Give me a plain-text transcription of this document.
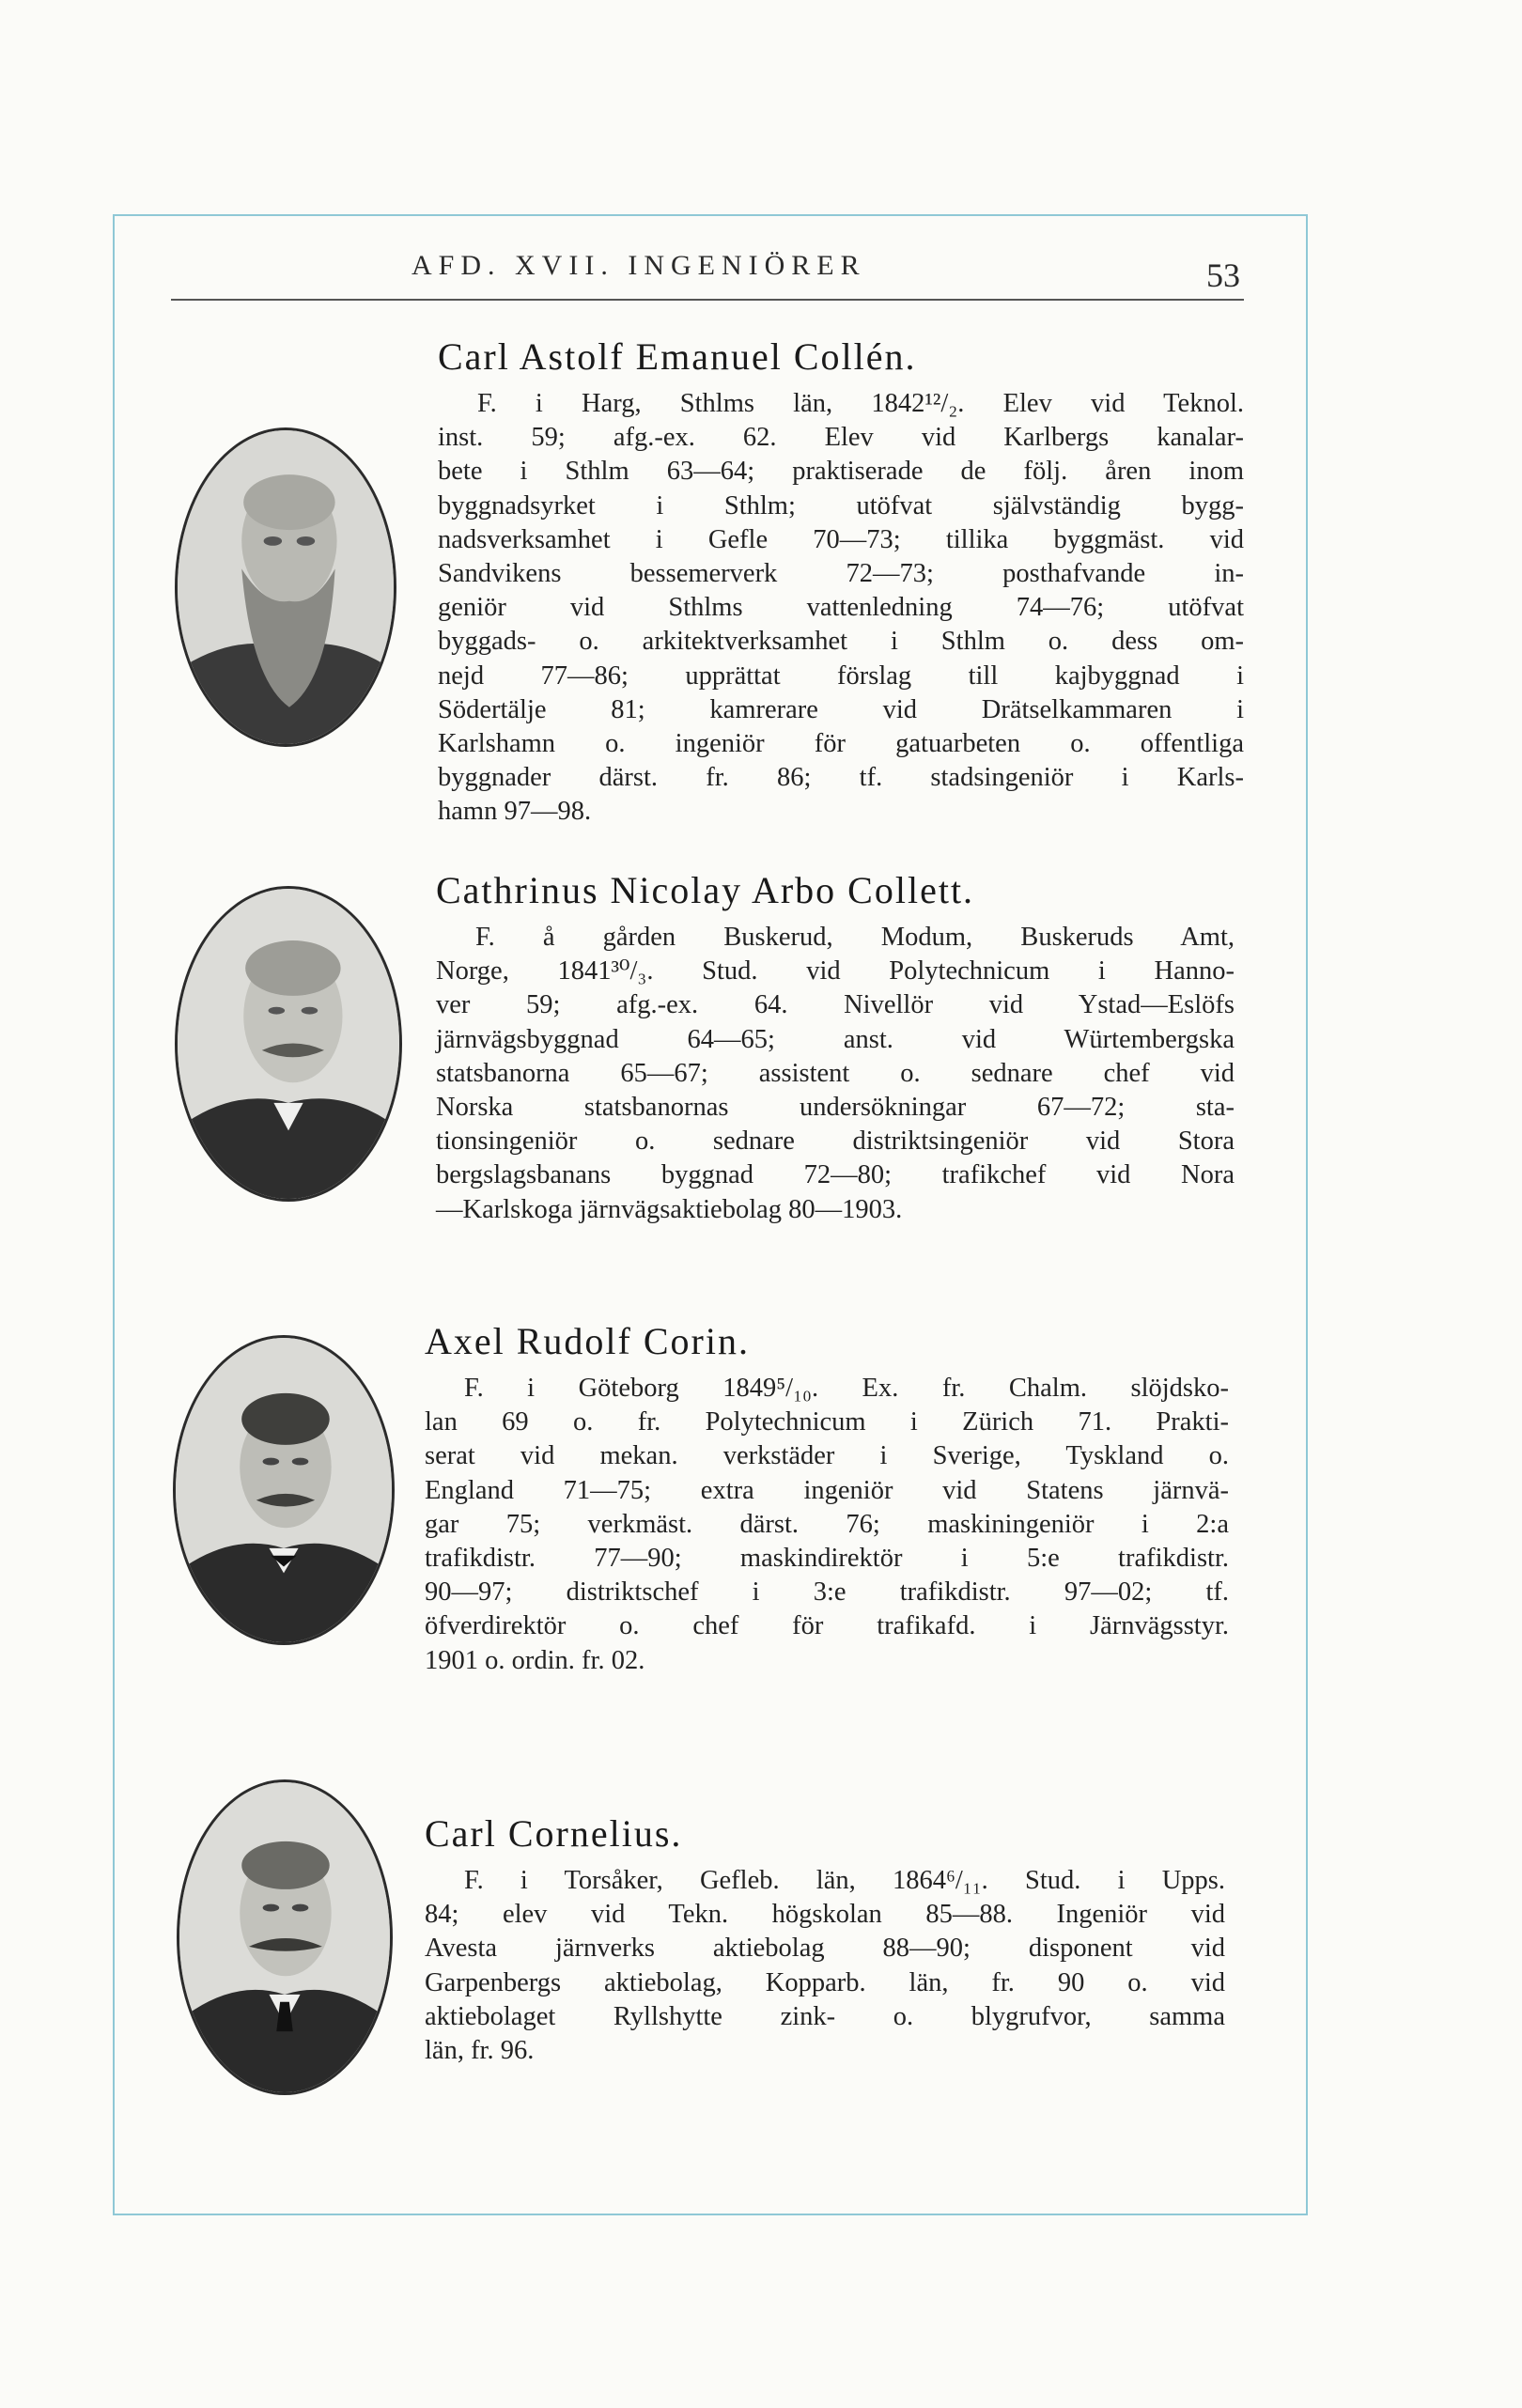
AFD. XVII. INGENIÖRER	53
Carl Astolf Emanuel Collén.
F. i Harg, Sthlms län, 1842¹²/₂. Elev vid Teknol.
inst. 59; afg.-ex. 62. Elev vid Karlbergs kanalar-
bete i Sthlm 63—64; praktiserade de följ. åren inom
byggnadsyrket i Sthlm; utöfvat självständig bygg-
nadsverksamhet i Gefle 70—73; tillika byggmäst. vid
Sandvikens bessemerverk 72—73; posthafvande in-
geniör vid Sthlms vattenledning 74—76; utöfvat
byggads- o. arkitektverksamhet i Sthlm o. dess om-
nejd 77—86; upprättat förslag till kajbyggnad i
Södertälje 81; kamrerare vid Drätselkammaren i
Karlshamn o. ingeniör för gatuarbeten o. offentliga
byggnader därst. fr. 86; tf. stadsingeniör i Karls-
hamn 97—98.
Cathrinus Nicolay Arbo Collett.
F. å gården Buskerud, Modum, Buskeruds Amt,
Norge, 1841³⁰/₃. Stud. vid Polytechnicum i Hanno-
ver 59; afg.-ex. 64. Nivellör vid Ystad—Eslöfs
järnvägsbyggnad 64—65; anst. vid Würtembergska
statsbanorna 65—67; assistent o. sednare chef vid
Norska statsbanornas undersökningar 67—72; sta-
tionsingeniör o. sednare distriktsingeniör vid Stora
bergslagsbanans byggnad 72—80; trafikchef vid Nora
—Karlskoga järnvägsaktiebolag 80—1903.
Axel Rudolf Corin.
F. i Göteborg 1849⁵/₁₀. Ex. fr. Chalm. slöjdsko-
lan 69 o. fr. Polytechnicum i Zürich 71. Prakti-
serat vid mekan. verkstäder i Sverige, Tyskland o.
England 71—75; extra ingeniör vid Statens järnvä-
gar 75; verkmäst. därst. 76; maskiningeniör i 2:a
trafikdistr. 77—90; maskindirektör i 5:e trafikdistr.
90—97; distriktschef i 3:e trafikdistr. 97—02; tf.
öfverdirektör o. chef för trafikafd. i Järnvägsstyr.
1901 o. ordin. fr. 02.
Carl Cornelius.
F. i Torsåker, Gefleb. län, 1864⁶/₁₁. Stud. i Upps.
84; elev vid Tekn. högskolan 85—88. Ingeniör vid
Avesta järnverks aktiebolag 88—90; disponent vid
Garpenbergs aktiebolag, Kopparb. län, fr. 90 o. vid
aktiebolaget Ryllshytte zink- o. blygrufvor, samma
län, fr. 96.
